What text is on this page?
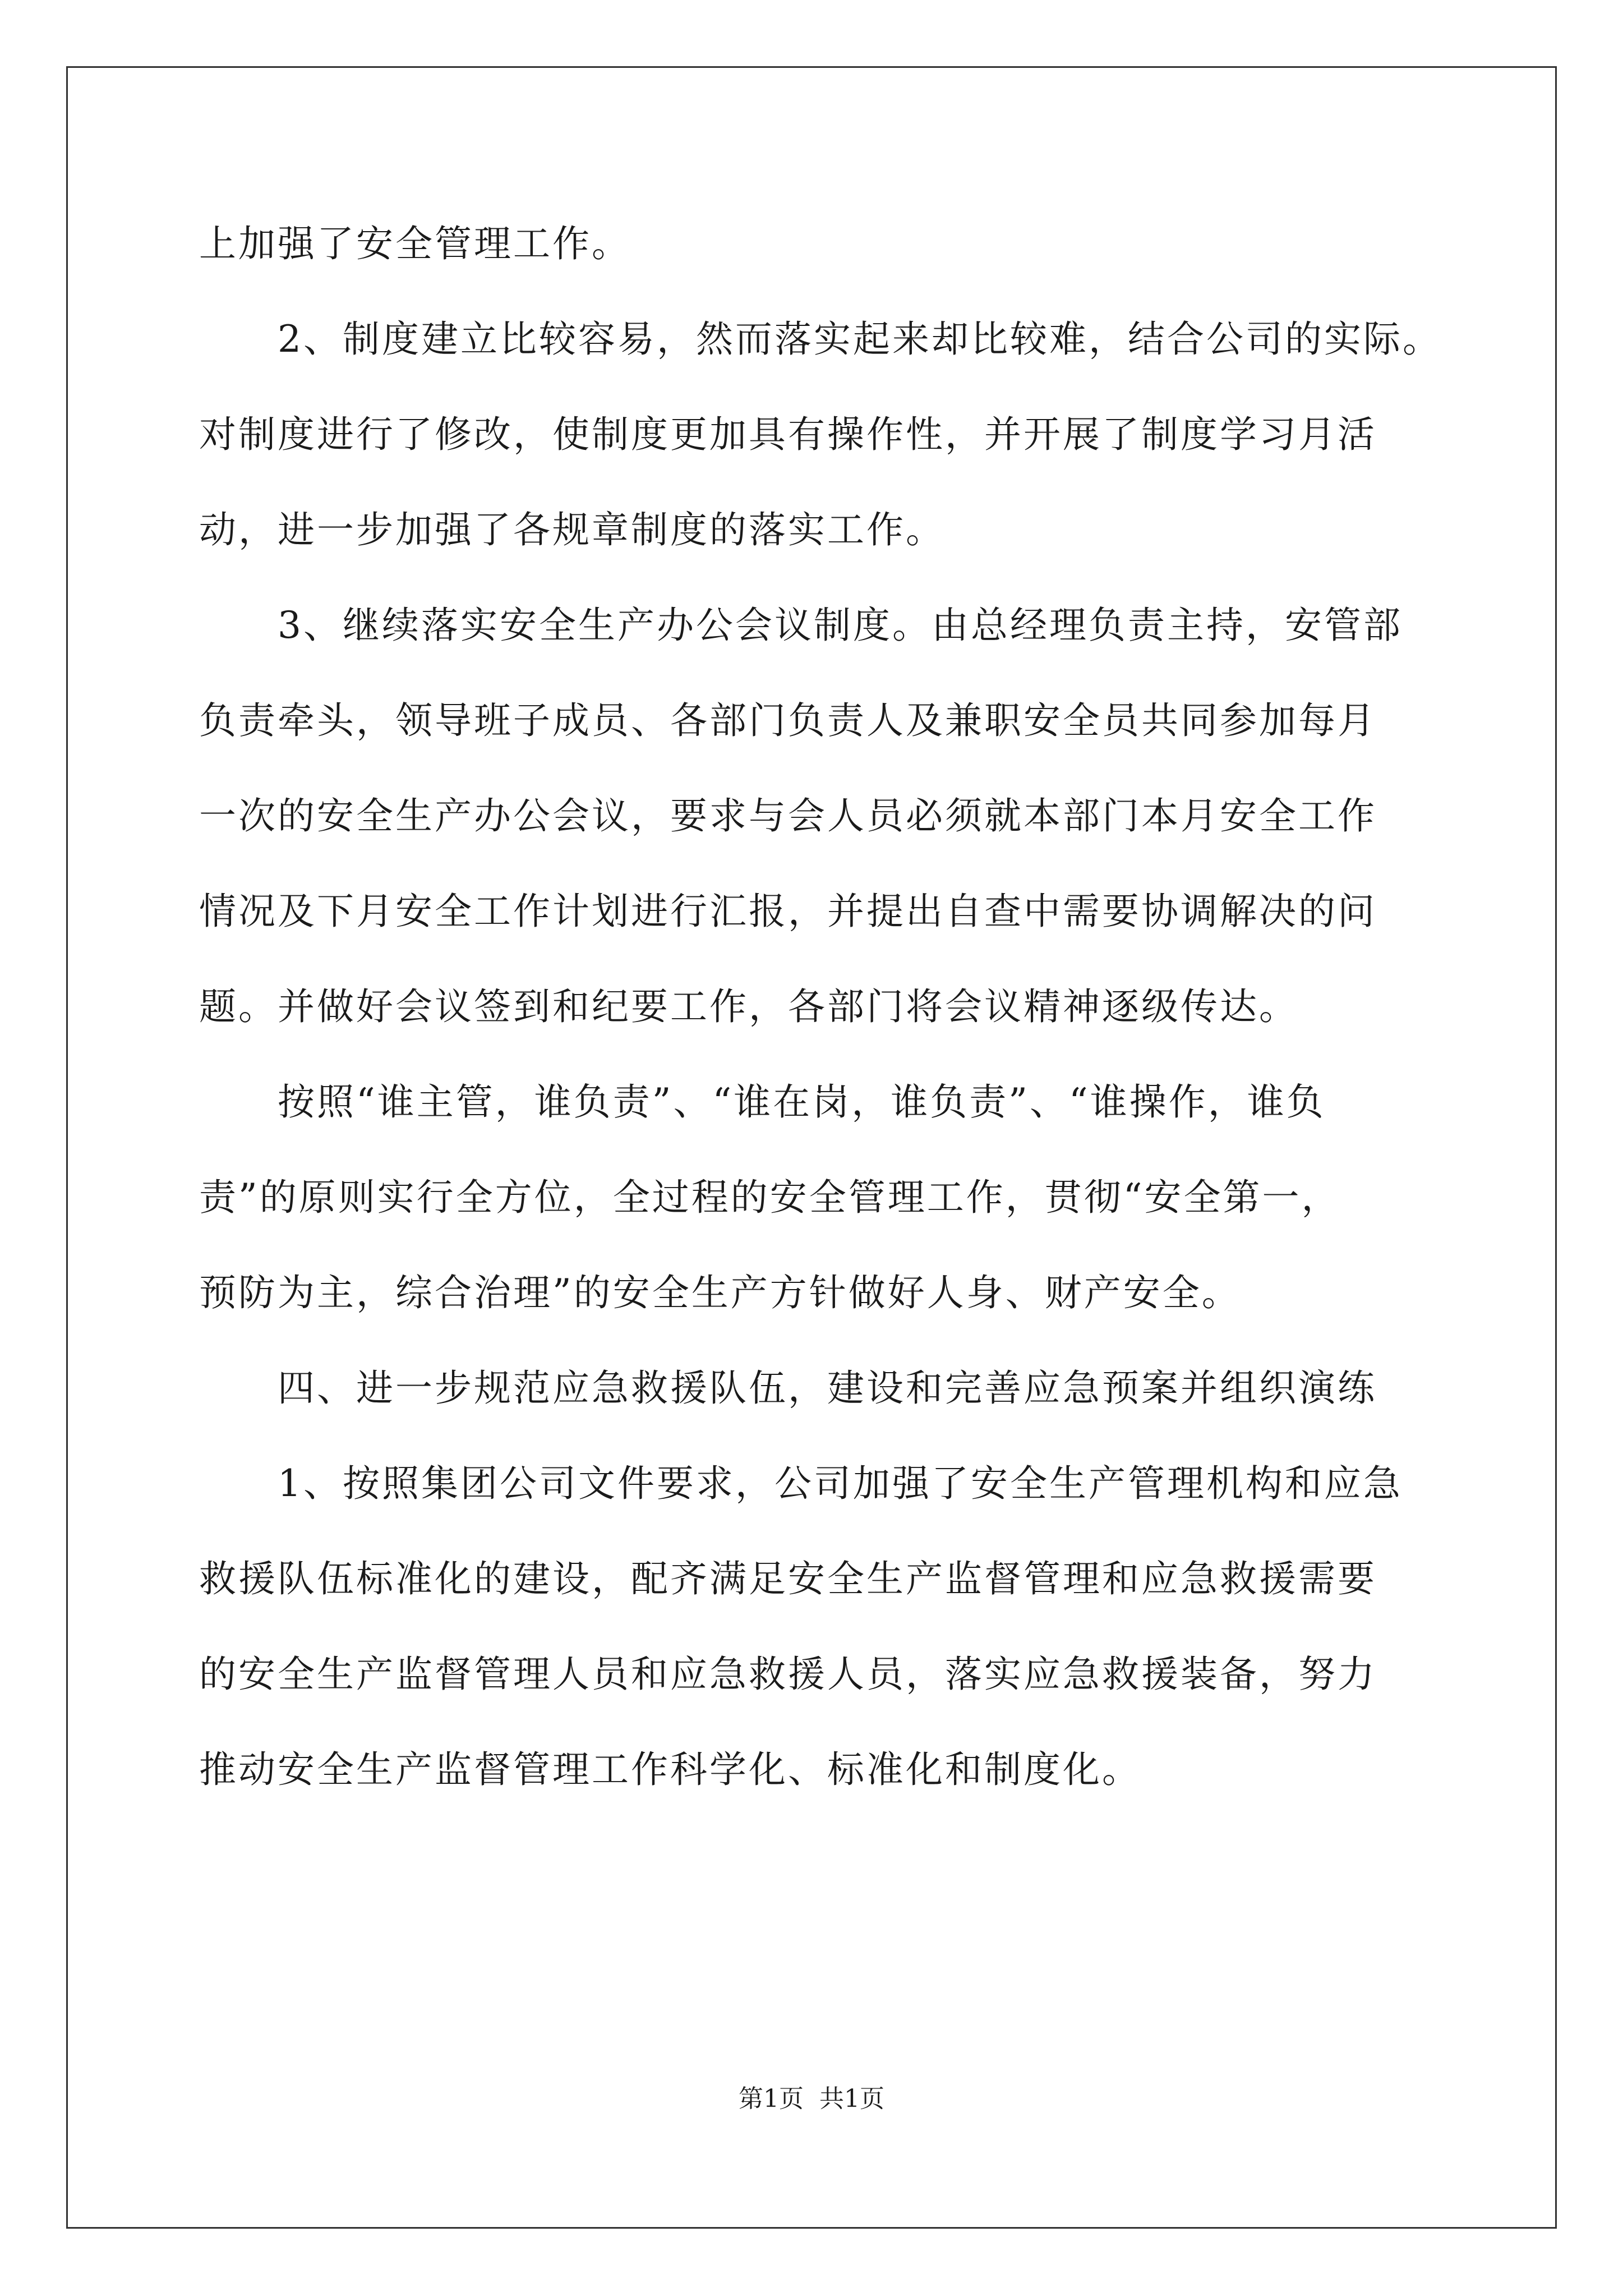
上加强了安全管理工作。

2、制度建立比较容易，然而落实起来却比较难，结合公司的实际。

对制度进行了修改，使制度更加具有操作性，并开展了制度学习月活

动，进一步加强了各规章制度的落实工作。

3、继续落实安全生产办公会议制度。由总经理负责主持，安管部

负责牵头，领导班子成员、各部门负责人及兼职安全员共同参加每月

一次的安全生产办公会议，要求与会人员必须就本部门本月安全工作

情况及下月安全工作计划进行汇报，并提出自查中需要协调解决的问

题。并做好会议签到和纪要工作，各部门将会议精神逐级传达。

按照“谁主管，谁负责”、“谁在岗，谁负责”、“谁操作，谁负

责”的原则实行全方位，全过程的安全管理工作，贯彻“安全第一，

预防为主，综合治理”的安全生产方针做好人身、财产安全。

四、进一步规范应急救援队伍，建设和完善应急预案并组织演练

1、按照集团公司文件要求，公司加强了安全生产管理机构和应急

救援队伍标准化的建设，配齐满足安全生产监督管理和应急救援需要

的安全生产监督管理人员和应急救援人员，落实应急救援装备，努力

推动安全生产监督管理工作科学化、标准化和制度化。

第1页 共1页
